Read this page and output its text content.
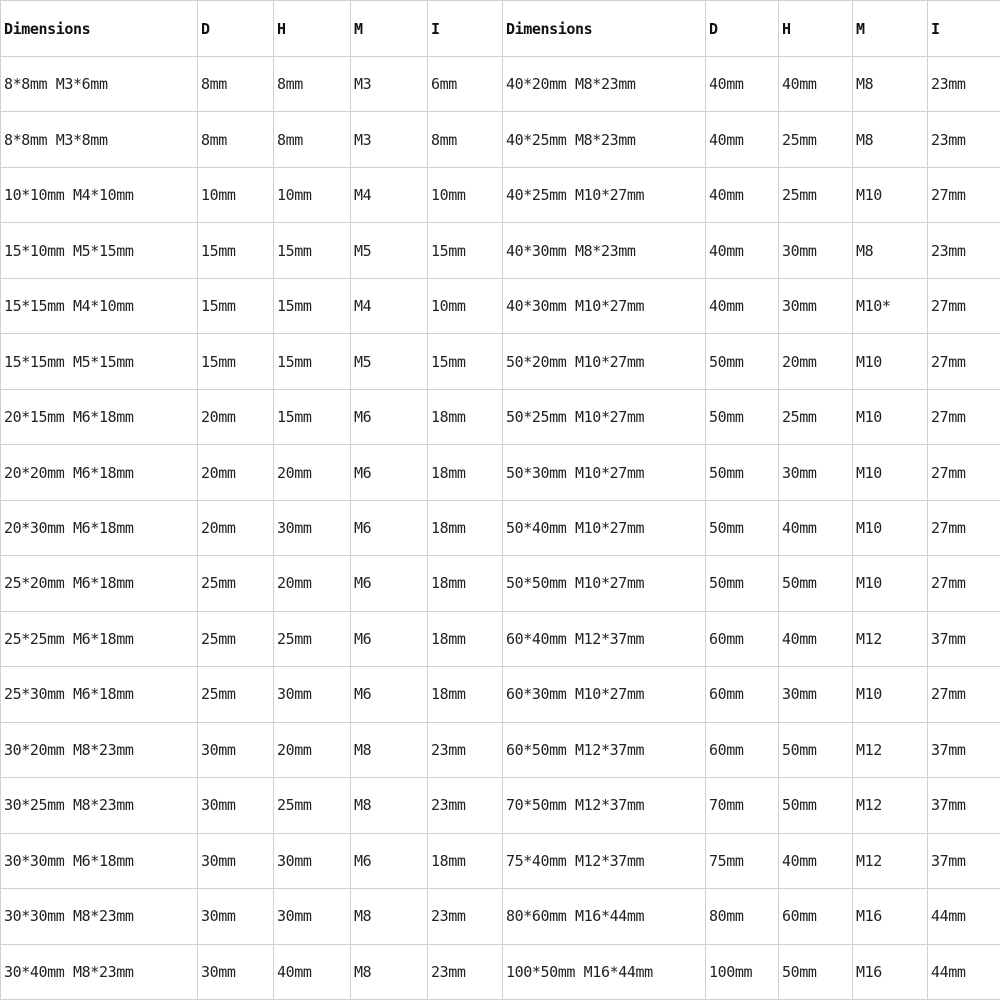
Dimensions	D	H	M	I	Dimensions	D	H	M	I
8*8mm M3*6mm	8mm	8mm	M3	6mm	40*20mm M8*23mm	40mm	40mm	M8	23mm
8*8mm M3*8mm	8mm	8mm	M3	8mm	40*25mm M8*23mm	40mm	25mm	M8	23mm
10*10mm M4*10mm	10mm	10mm	M4	10mm	40*25mm M10*27mm	40mm	25mm	M10	27mm
15*10mm M5*15mm	15mm	15mm	M5	15mm	40*30mm M8*23mm	40mm	30mm	M8	23mm
15*15mm M4*10mm	15mm	15mm	M4	10mm	40*30mm M10*27mm	40mm	30mm	M10*	27mm
15*15mm M5*15mm	15mm	15mm	M5	15mm	50*20mm M10*27mm	50mm	20mm	M10	27mm
20*15mm M6*18mm	20mm	15mm	M6	18mm	50*25mm M10*27mm	50mm	25mm	M10	27mm
20*20mm M6*18mm	20mm	20mm	M6	18mm	50*30mm M10*27mm	50mm	30mm	M10	27mm
20*30mm M6*18mm	20mm	30mm	M6	18mm	50*40mm M10*27mm	50mm	40mm	M10	27mm
25*20mm M6*18mm	25mm	20mm	M6	18mm	50*50mm M10*27mm	50mm	50mm	M10	27mm
25*25mm M6*18mm	25mm	25mm	M6	18mm	60*40mm M12*37mm	60mm	40mm	M12	37mm
25*30mm M6*18mm	25mm	30mm	M6	18mm	60*30mm M10*27mm	60mm	30mm	M10	27mm
30*20mm M8*23mm	30mm	20mm	M8	23mm	60*50mm M12*37mm	60mm	50mm	M12	37mm
30*25mm M8*23mm	30mm	25mm	M8	23mm	70*50mm M12*37mm	70mm	50mm	M12	37mm
30*30mm M6*18mm	30mm	30mm	M6	18mm	75*40mm M12*37mm	75mm	40mm	M12	37mm
30*30mm M8*23mm	30mm	30mm	M8	23mm	80*60mm M16*44mm	80mm	60mm	M16	44mm
30*40mm M8*23mm	30mm	40mm	M8	23mm	100*50mm M16*44mm	100mm	50mm	M16	44mm
